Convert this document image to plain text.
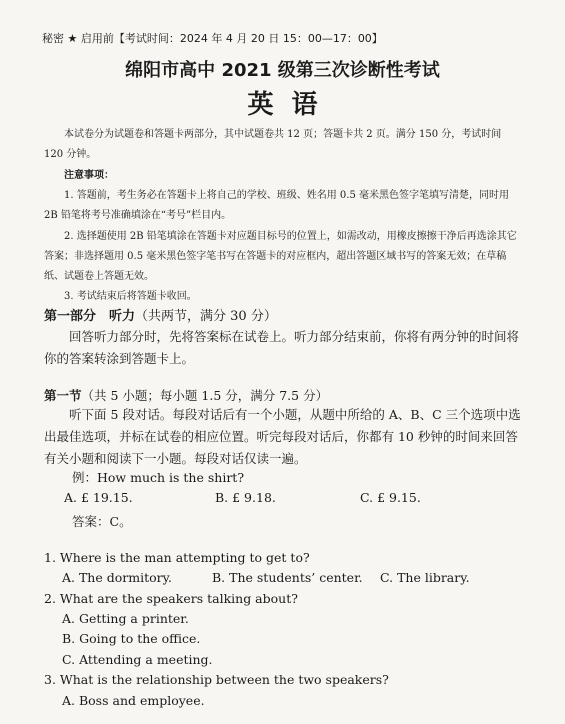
秘密 ★ 启用前【考试时间：2024 年 4 月 20 日 15：00—17：00】
绵阳市高中 2021 级第三次诊断性考试
英语
本试卷分为试题卷和答题卡两部分，其中试题卷共 12 页；答题卡共 2 页。满分 150 分，考试时间 120 分钟。
注意事项：
1. 答题前，考生务必在答题卡上将自己的学校、班级、姓名用 0.5 毫米黑色签字笔填写清楚，同时用 2B 铅笔将考号准确填涂在“考号”栏目内。
2. 选择题使用 2B 铅笔填涂在答题卡对应题目标号的位置上，如需改动，用橡皮擦擦干净后再选涂其它答案；非选择题用 0.5 毫米黑色签字笔书写在答题卡的对应框内，超出答题区域书写的答案无效；在草稿纸、试题卷上答题无效。
3. 考试结束后将答题卡收回。
第一部分　听力（共两节，满分 30 分）
回答听力部分时，先将答案标在试卷上。听力部分结束前，你将有两分钟的时间将你的答案转涂到答题卡上。
第一节（共 5 小题；每小题 1.5 分，满分 7.5 分）
听下面 5 段对话。每段对话后有一个小题，从题中所给的 A、B、C 三个选项中选出最佳选项，并标在试卷的相应位置。听完每段对话后，你都有 10 秒钟的时间来回答有关小题和阅读下一小题。每段对话仅读一遍。
例：How much is the shirt?
A. £ 19.15.	B. £ 9.18.	C. £ 9.15.
答案：C。
1. Where is the man attempting to get to?
A. The dormitory.	B. The students’ center. C. The library.
2. What are the speakers talking about?
A. Getting a printer.
B. Going to the office.
C. Attending a meeting.
3. What is the relationship between the two speakers?
A. Boss and employee.
